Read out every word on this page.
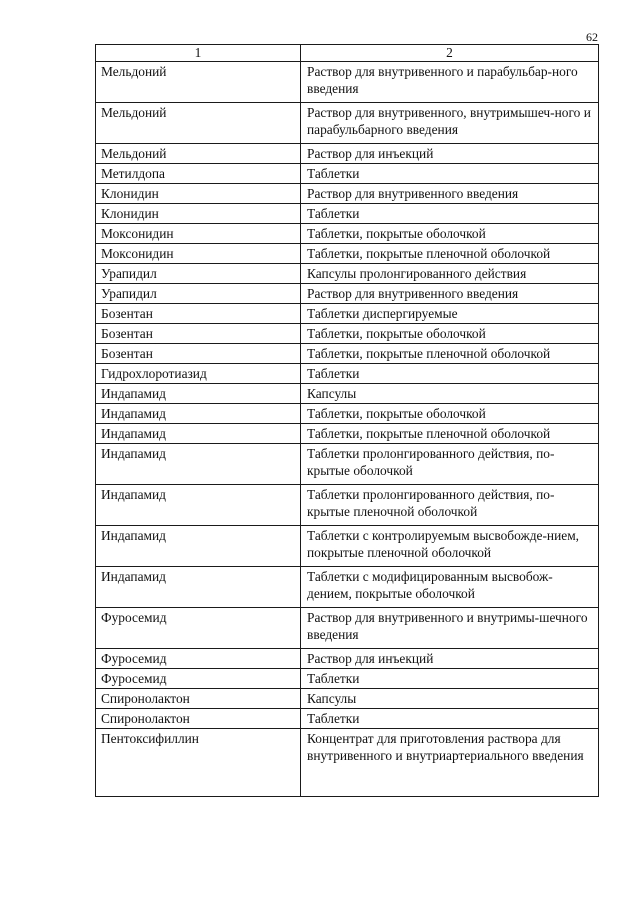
62
1	2
Мельдоний	Раствор для внутривенного и парабульбар-ного введения
Мельдоний	Раствор для внутривенного, внутримышеч-ного и парабульбарного введения
Мельдоний	Раствор для инъекций
Метилдопа	Таблетки
Клонидин	Раствор для внутривенного введения
Клонидин	Таблетки
Моксонидин	Таблетки, покрытые оболочкой
Моксонидин	Таблетки, покрытые пленочной оболочкой
Урапидил	Капсулы пролонгированного действия
Урапидил	Раствор для внутривенного введения
Бозентан	Таблетки диспергируемые
Бозентан	Таблетки, покрытые оболочкой
Бозентан	Таблетки, покрытые пленочной оболочкой
Гидрохлоротиазид	Таблетки
Индапамид	Капсулы
Индапамид	Таблетки, покрытые оболочкой
Индапамид	Таблетки, покрытые пленочной оболочкой
Индапамид	Таблетки пролонгированного действия, по-крытые оболочкой
Индапамид	Таблетки пролонгированного действия, по-крытые пленочной оболочкой
Индапамид	Таблетки с контролируемым высвобожде-нием, покрытые пленочной оболочкой
Индапамид	Таблетки с модифицированным высвобож-дением, покрытые оболочкой
Фуросемид	Раствор для внутривенного и внутримы-шечного введения
Фуросемид	Раствор для инъекций
Фуросемид	Таблетки
Спиронолактон	Капсулы
Спиронолактон	Таблетки
Пентоксифиллин	Концентрат для приготовления раствора для внутривенного и внутриартериального введения
